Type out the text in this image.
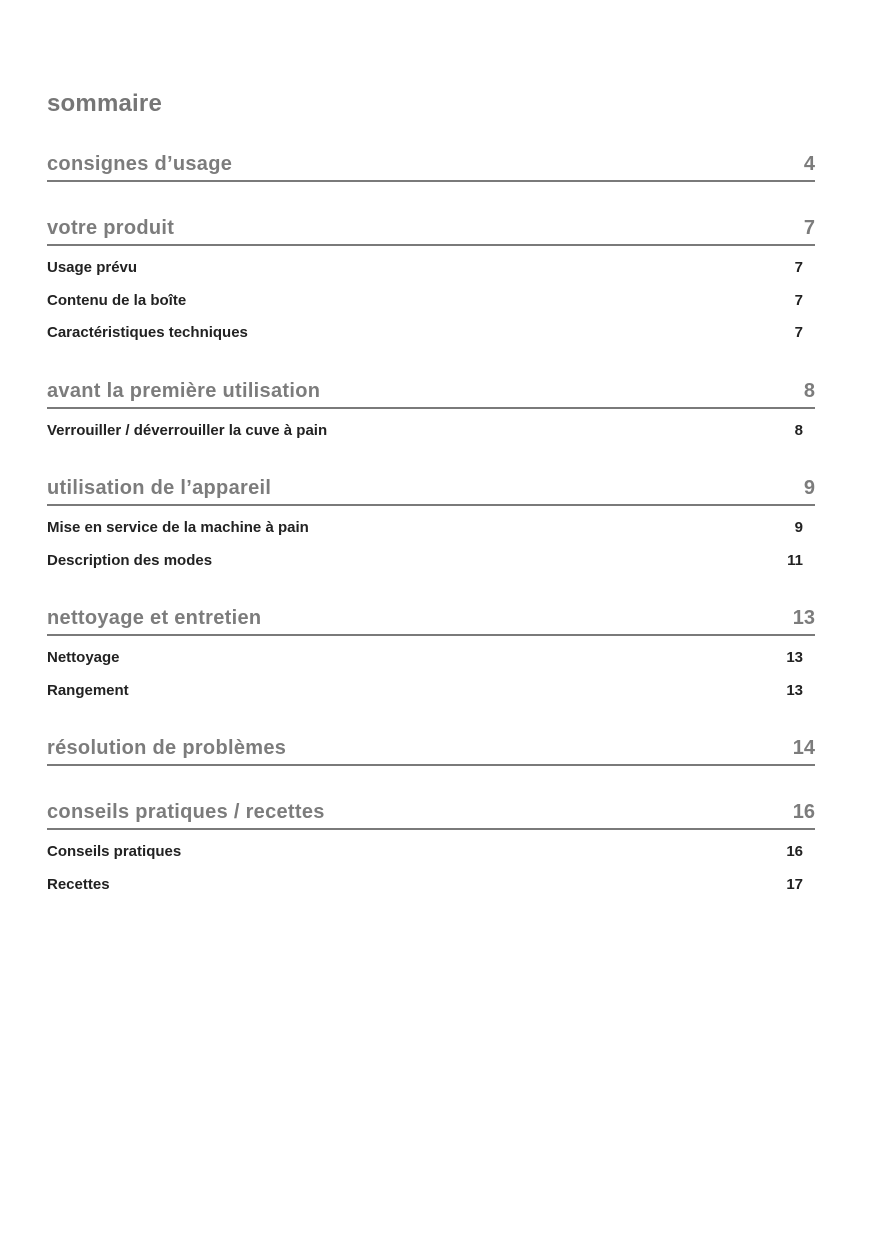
sommaire
consignes d’usage	4
votre produit	7
Usage prévu	7
Contenu de la boîte	7
Caractéristiques techniques	7
avant la première utilisation	8
Verrouiller / déverrouiller la cuve à pain	8
utilisation de l’appareil	9
Mise en service de la machine à pain	9
Description des modes	11
nettoyage et entretien	13
Nettoyage	13
Rangement	13
résolution de problèmes	14
conseils pratiques / recettes	16
Conseils pratiques	16
Recettes	17
